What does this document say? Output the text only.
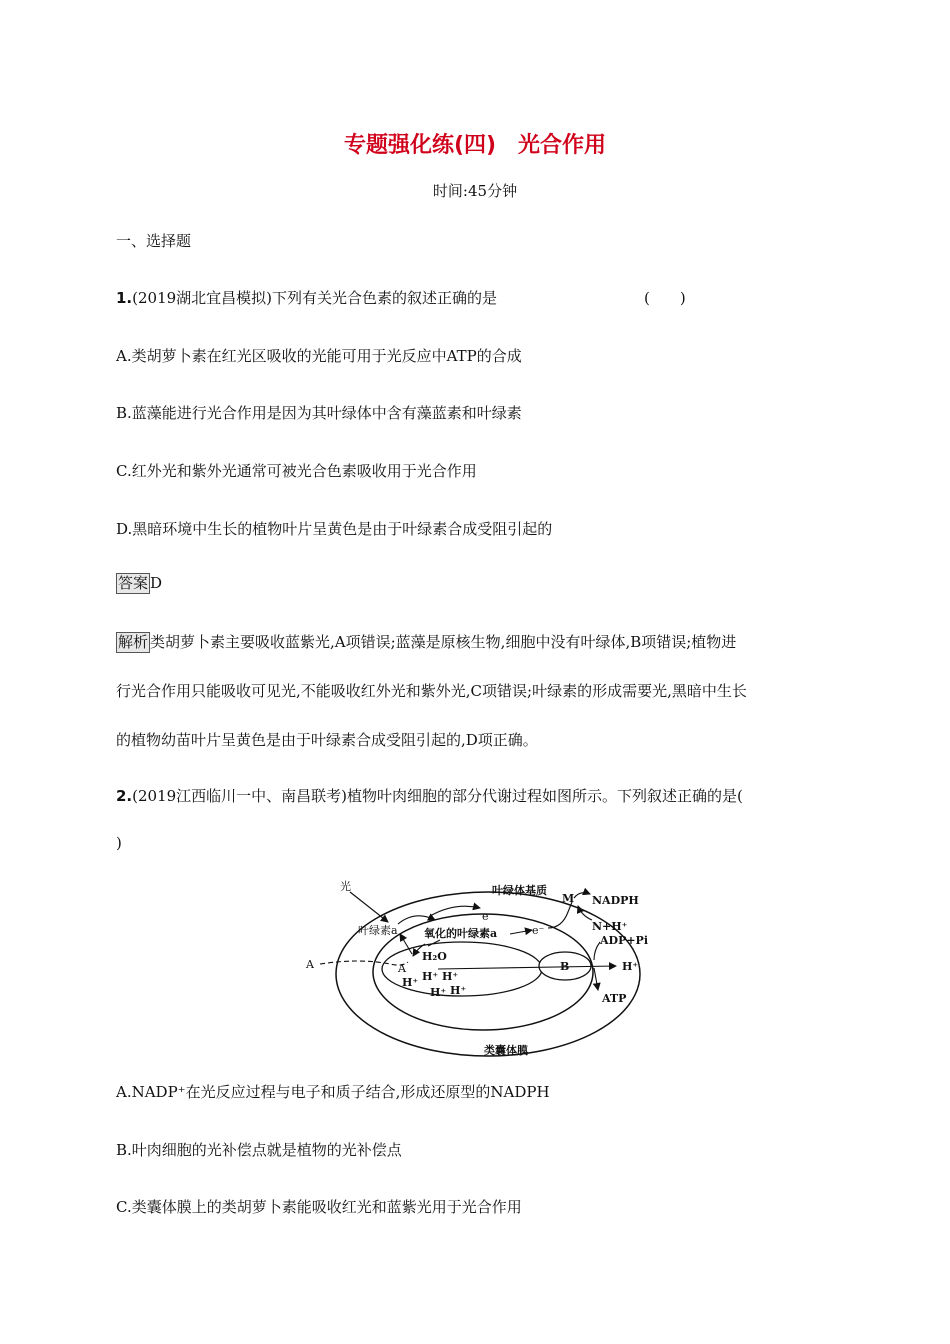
专题强化练(四)　光合作用
时间:45分钟
一、选择题
1.(2019湖北宜昌模拟)下列有关光合色素的叙述正确的是	(　　)
A.类胡萝卜素在红光区吸收的光能可用于光反应中ATP的合成
B.蓝藻能进行光合作用是因为其叶绿体中含有藻蓝素和叶绿素
C.红外光和紫外光通常可被光合色素吸收用于光合作用
D.黑暗环境中生长的植物叶片呈黄色是由于叶绿素合成受阻引起的
答案 D
解析 类胡萝卜素主要吸收蓝紫光,A项错误;蓝藻是原核生物,细胞中没有叶绿体,B项错误;植物进
行光合作用只能吸收可见光,不能吸收红外光和紫外光,C项错误;叶绿素的形成需要光,黑暗中生长
的植物幼苗叶片呈黄色是由于叶绿素合成受阻引起的,D项正确。
2.(2019江西临川一中、南昌联考)植物叶肉细胞的部分代谢过程如图所示。下列叙述正确的是(
)
光	叶绿体基质
叶绿素a 氧化的叶绿素a
e⁻
e⁻
M NADPH
N+H⁺
ADP+Pi
A	A
H₂O
B	H⁺
ATP
H⁺ H⁺ H⁺
H⁺ H⁺
类囊体膜
A.NADP⁺在光反应过程与电子和质子结合,形成还原型的NADPH
B.叶肉细胞的光补偿点就是植物的光补偿点
C.类囊体膜上的类胡萝卜素能吸收红光和蓝紫光用于光合作用
